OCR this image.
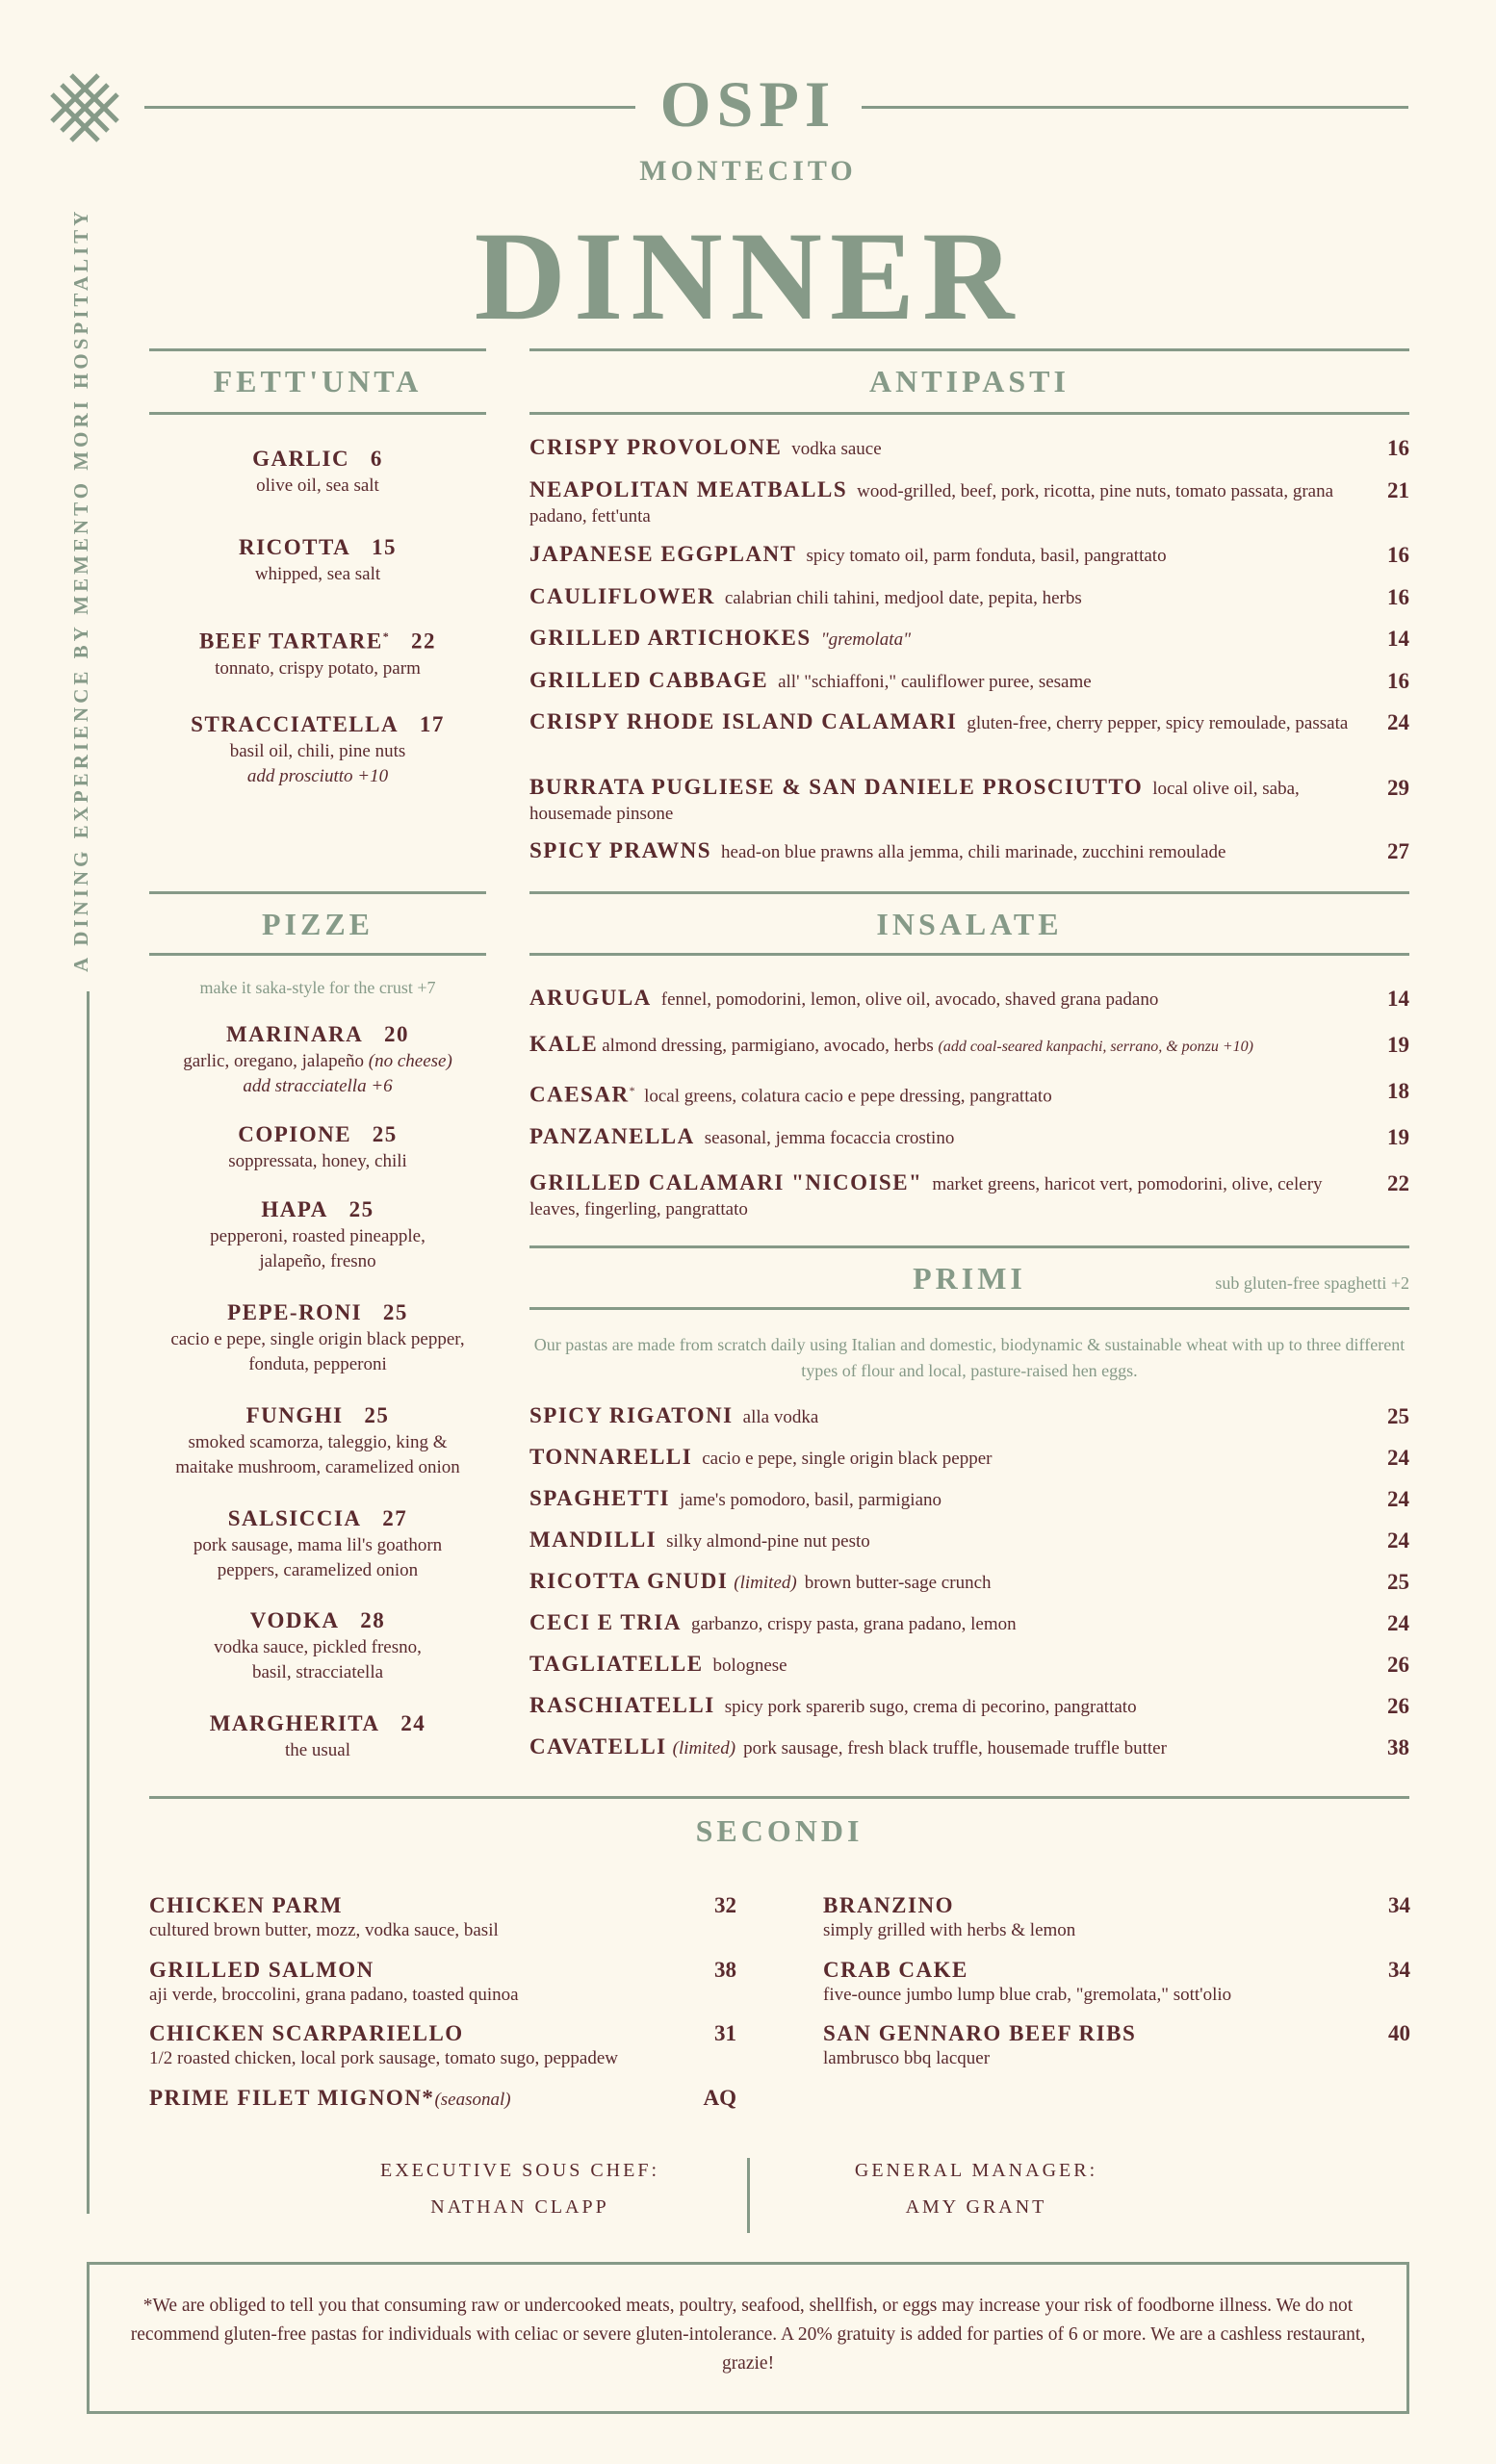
OSPI
MONTECITO
DINNER
A DINING EXPERIENCE BY MEMENTO MORI HOSPITALITY	FETT'UNTA
GARLIC 6
olive oil, sea salt
RICOTTA 15
whipped, sea salt
BEEF TARTARE* 22
tonnato, crispy potato, parm
STRACCIATELLA 17
basil oil, chili, pine nuts
add prosciutto +10
PIZZE
make it saka-style for the crust +7
MARINARA 20
garlic, oregano, jalapeño (no cheese)
add stracciatella +6
COPIONE 25
soppressata, honey, chili
HAPA 25
pepperoni, roasted pineapple,
jalapeño, fresno
PEPE-RONI 25
cacio e pepe, single origin black pepper,
fonduta, pepperoni
FUNGHI 25
smoked scamorza, taleggio, king &
maitake mushroom, caramelized onion
SALSICCIA 27
pork sausage, mama lil's goathorn
peppers, caramelized onion
VODKA 28
vodka sauce, pickled fresno,
basil, stracciatella
MARGHERITA 24
the usual
ANTIPASTI
CRISPY PROVOLONE vodka sauce	16
NEAPOLITAN MEATBALLS wood-grilled, beef, pork, ricotta, pine nuts, tomato passata, grana padano, fett'unta
21
JAPANESE EGGPLANT spicy tomato oil, parm fonduta, basil, pangrattato	16
CAULIFLOWER calabrian chili tahini, medjool date, pepita, herbs	16
GRILLED ARTICHOKES "gremolata"	14
GRILLED CABBAGE all' "schiaffoni," cauliflower puree, sesame	16
CRISPY RHODE ISLAND CALAMARI gluten-free, cherry pepper, spicy remoulade, passata	24
BURRATA PUGLIESE & SAN DANIELE PROSCIUTTO local olive oil, saba, housemade pinsone
29
SPICY PRAWNS head-on blue prawns alla jemma, chili marinade, zucchini remoulade	27
INSALATE
ARUGULA fennel, pomodorini, lemon, olive oil, avocado, shaved grana padano	14
KALE almond dressing, parmigiano, avocado, herbs (add coal-seared kanpachi, serrano, & ponzu +10)	19
CAESAR* local greens, colatura cacio e pepe dressing, pangrattato	18
PANZANELLA seasonal, jemma focaccia crostino	19
GRILLED CALAMARI "NICOISE" market greens, haricot vert, pomodorini, olive, celery leaves, fingerling, pangrattato
22
PRIMI	sub gluten-free spaghetti +2
Our pastas are made from scratch daily using Italian and domestic, biodynamic & sustainable wheat with up to three different types of flour and local, pasture-raised hen eggs.
SPICY RIGATONI alla vodka	25
TONNARELLI cacio e pepe, single origin black pepper	24
SPAGHETTI jame's pomodoro, basil, parmigiano	24
MANDILLI silky almond-pine nut pesto	24
RICOTTA GNUDI (limited) brown butter-sage crunch	25
CECI E TRIA garbanzo, crispy pasta, grana padano, lemon	24
TAGLIATELLE bolognese	26
RASCHIATELLI spicy pork sparerib sugo, crema di pecorino, pangrattato	26
CAVATELLI (limited) pork sausage, fresh black truffle, housemade truffle butter	38
SECONDI
CHICKEN PARM
cultured brown butter, mozz, vodka sauce, basil
32
GRILLED SALMON
aji verde, broccolini, grana padano, toasted quinoa
38
CHICKEN SCARPARIELLO
1/2 roasted chicken, local pork sausage, tomato sugo, peppadew
31
PRIME FILET MIGNON*(seasonal)	AQ
BRANZINO
simply grilled with herbs & lemon
34
CRAB CAKE
five-ounce jumbo lump blue crab, "gremolata," sott'olio
34
SAN GENNARO BEEF RIBS
lambrusco bbq lacquer
40
EXECUTIVE SOUS CHEF:
NATHAN CLAPP
GENERAL MANAGER:
AMY GRANT
*We are obliged to tell you that consuming raw or undercooked meats, poultry, seafood, shellfish, or eggs may increase your risk of foodborne illness. We do not recommend gluten-free pastas for individuals with celiac or severe gluten-intolerance. A 20% gratuity is added for parties of 6 or more. We are a cashless restaurant, grazie!
